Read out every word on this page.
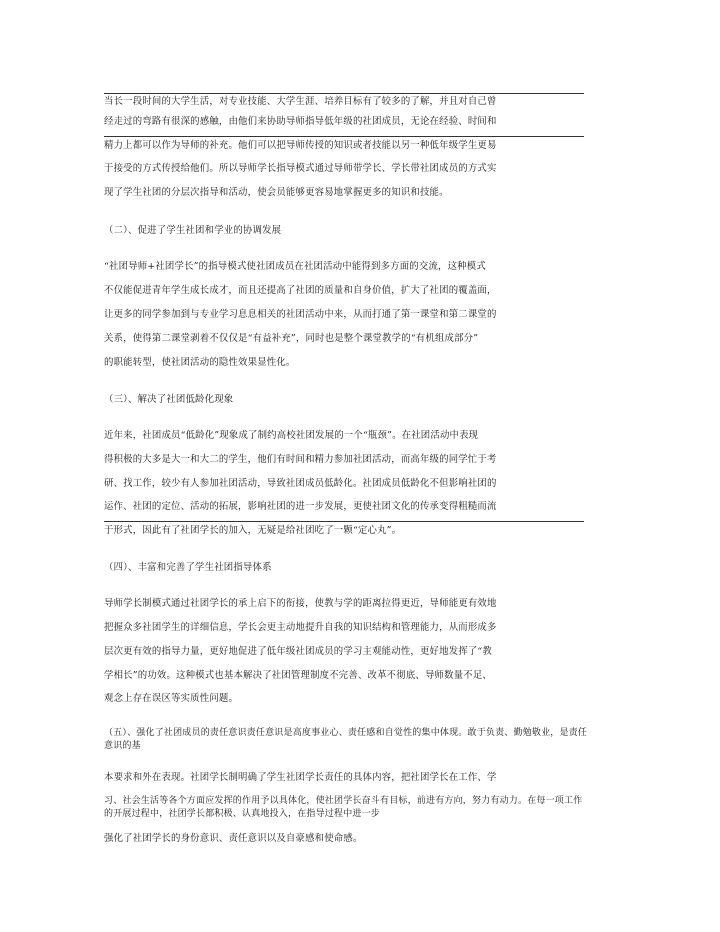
当长一段时间的大学生活，对专业技能、大学生涯、培养目标有了较多的了解，并且对自己曾
经走过的弯路有很深的感触，由他们来协助导师指导低年级的社团成员，无论在经验、时间和
精力上都可以作为导师的补充。他们可以把导师传授的知识或者技能以另一种低年级学生更易
于接受的方式传授给他们。所以导师学长指导模式通过导师带学长、学长带社团成员的方式实
现了学生社团的分层次指导和活动，使会员能够更容易地掌握更多的知识和技能。
（二）、促进了学生社团和学业的协调发展
“社团导师+社团学长”的指导模式使社团成员在社团活动中能得到多方面的交流，这种模式
不仅能促进青年学生成长成才，而且还提高了社团的质量和自身价值，扩大了社团的覆盖面，
让更多的同学参加到与专业学习息息相关的社团活动中来，从而打通了第一课堂和第二课堂的
关系，使得第二课堂剥着不仅仅是“有益补充”，同时也是整个课堂教学的“有机组成部分”
的职能转型，使社团活动的隐性效果显性化。
（三）、解决了社团低龄化现象
近年来，社团成员“低龄化”现象成了制约高校社团发展的一个“瓶颈”。在社团活动中表现
得积极的大多是大一和大二的学生，他们有时间和精力参加社团活动，而高年级的同学忙于考
研、找工作，较少有人参加社团活动，导致社团成员低龄化。社团成员低龄化不但影响社团的
运作、社团的定位、活动的拓展，影响社团的进一步发展，更使社团文化的传承变得粗糙而流
于形式，因此有了社团学长的加入，无疑是给社团吃了一颗“定心丸”。
（四）、丰富和完善了学生社团指导体系
导师学长制模式通过社团学长的承上启下的衔接，使教与学的距离拉得更近，导师能更有效地
把握众多社团学生的详细信息，学长会更主动地提升自我的知识结构和管理能力，从而形成多
层次更有效的指导力量，更好地促进了低年级社团成员的学习主观能动性，更好地发挥了“教
学相长”的功效。这种模式也基本解决了社团管理制度不完善、改革不彻底、导师数量不足、
观念上存在误区等实质性问题。
（五）、强化了社团成员的责任意识责任意识是高度事业心、责任感和自觉性的集中体现。敢于负责、勤勉敬业，是责任意识的基
本要求和外在表现。社团学长制明确了学生社团学长责任的具体内容，把社团学长在工作、学
习、社会生活等各个方面应发挥的作用予以具体化，使社团学长奋斗有目标，前进有方向，努力有动力。在每一项工作的开展过程中，社团学长都积极、认真地投入，在指导过程中进一步
强化了社团学长的身份意识、责任意识以及自豪感和使命感。
